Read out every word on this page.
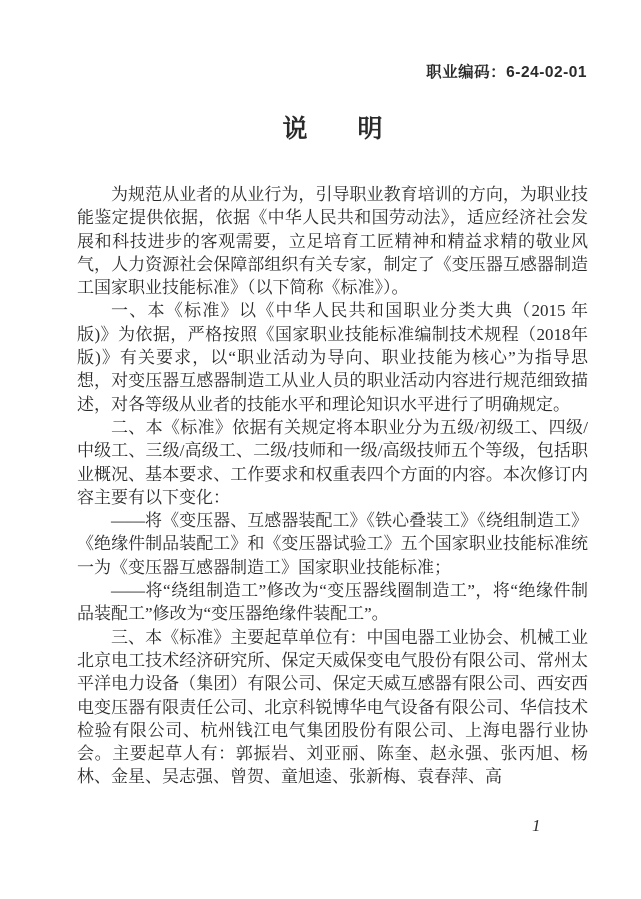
职业编码：6-24-02-01
说　　明

为规范从业者的从业行为，引导职业教育培训的方向，为职业技能鉴定提供依据，依据《中华人民共和国劳动法》，适应经济社会发展和科技进步的客观需要，立足培育工匠精神和精益求精的敬业风气，人力资源社会保障部组织有关专家，制定了《变压器互感器制造工国家职业技能标准》（以下简称《标准》）。

一、本《标准》以《中华人民共和国职业分类大典（2015 年版)》为依据，严格按照《国家职业技能标准编制技术规程（2018年版)》有关要求，以“职业活动为导向、职业技能为核心”为指导思想，对变压器互感器制造工从业人员的职业活动内容进行规范细致描述，对各等级从业者的技能水平和理论知识水平进行了明确规定。

二、本《标准》依据有关规定将本职业分为五级/初级工、四级/中级工、三级/高级工、二级/技师和一级/高级技师五个等级，包括职业概况、基本要求、工作要求和权重表四个方面的内容。本次修订内容主要有以下变化：

——将《变压器、互感器装配工》《铁心叠装工》《绕组制造工》《绝缘件制品装配工》和《变压器试验工》五个国家职业技能标准统一为《变压器互感器制造工》国家职业技能标准；

——将“绕组制造工”修改为“变压器线圈制造工”，将“绝缘件制品装配工”修改为“变压器绝缘件装配工”。

三、本《标准》主要起草单位有：中国电器工业协会、机械工业北京电工技术经济研究所、保定天威保变电气股份有限公司、常州太平洋电力设备（集团）有限公司、保定天威互感器有限公司、西安西电变压器有限责任公司、北京科锐博华电气设备有限公司、华信技术检验有限公司、杭州钱江电气集团股份有限公司、上海电器行业协会。主要起草人有：郭振岩、刘亚丽、陈奎、赵永强、张丙旭、杨林、金星、吴志强、曾贺、童旭逵、张新梅、袁春萍、高

1
